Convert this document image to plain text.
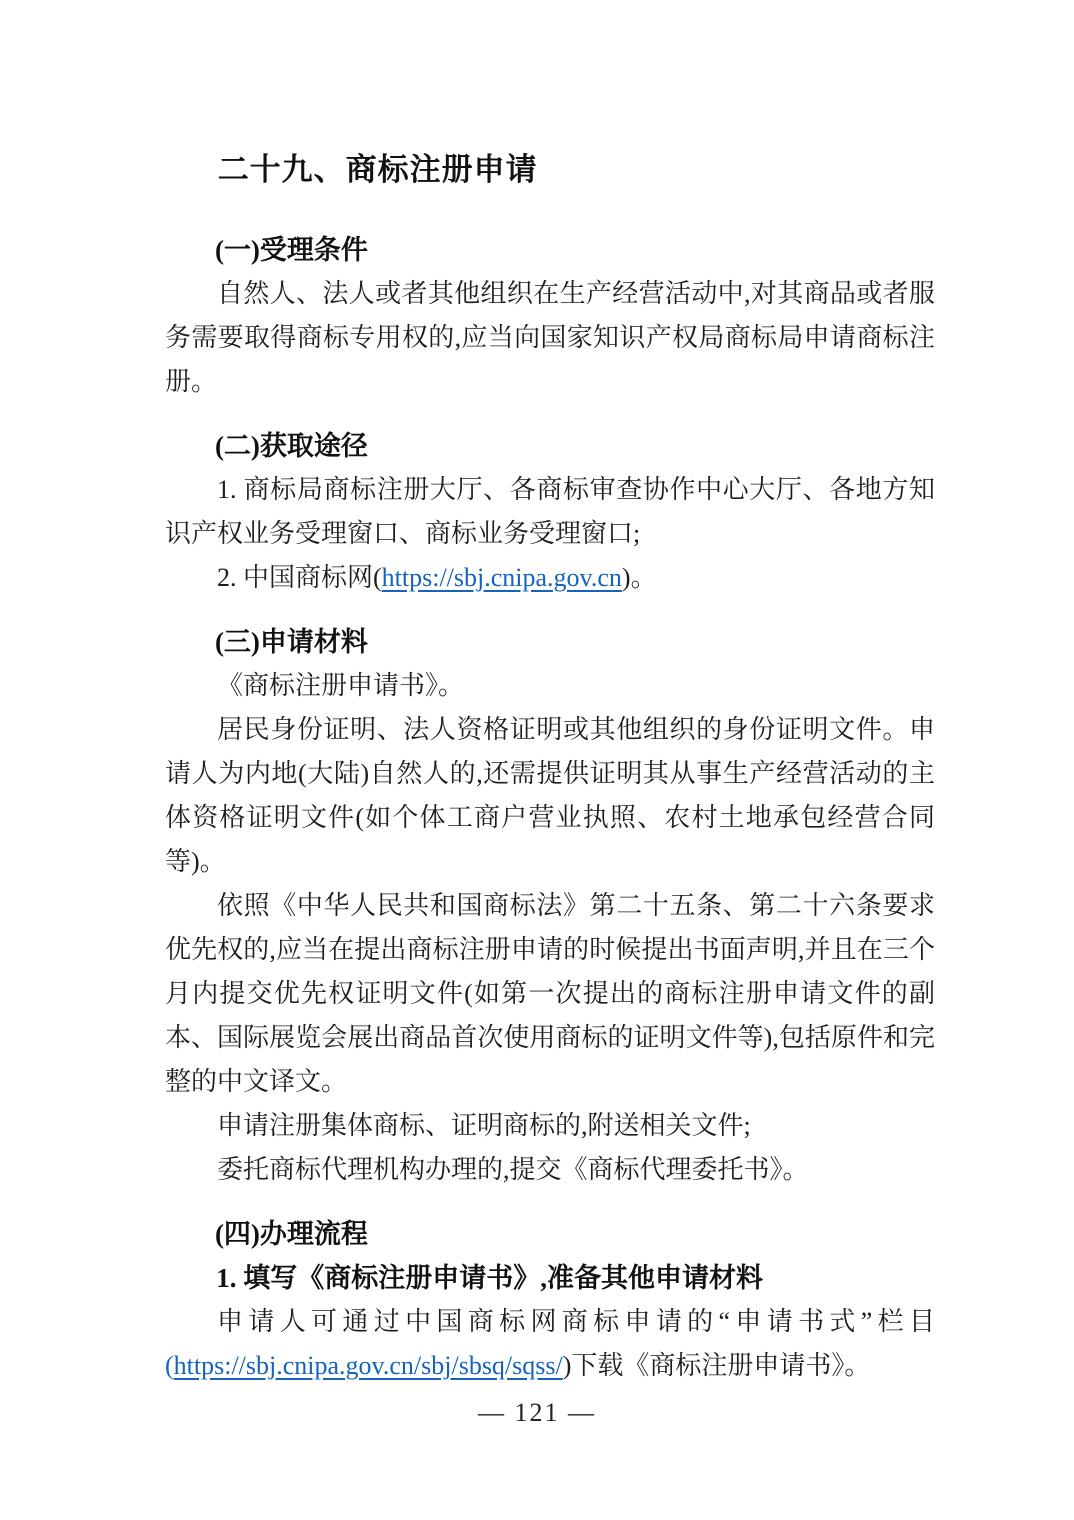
二十九、商标注册申请
(一)受理条件

自然人、法人或者其他组织在生产经营活动中,对其商品或者服务需要取得商标专用权的,应当向国家知识产权局商标局申请商标注册。

(二)获取途径

1. 商标局商标注册大厅、各商标审查协作中心大厅、各地方知识产权业务受理窗口、商标业务受理窗口;

2. 中国商标网(https://sbj.cnipa.gov.cn)。

(三)申请材料

《商标注册申请书》。

居民身份证明、法人资格证明或其他组织的身份证明文件。申请人为内地(大陆)自然人的,还需提供证明其从事生产经营活动的主体资格证明文件(如个体工商户营业执照、农村土地承包经营合同等)。

依照《中华人民共和国商标法》第二十五条、第二十六条要求优先权的,应当在提出商标注册申请的时候提出书面声明,并且在三个月内提交优先权证明文件(如第一次提出的商标注册申请文件的副本、国际展览会展出商品首次使用商标的证明文件等),包括原件和完整的中文译文。

申请注册集体商标、证明商标的,附送相关文件;

委托商标代理机构办理的,提交《商标代理委托书》。

(四)办理流程

1. 填写《商标注册申请书》,准备其他申请材料

申请人可通过中国商标网商标申请的“申请书式”栏目(https://sbj.cnipa.gov.cn/sbj/sbsq/sqss/)下载《商标注册申请书》。

— 121 —
